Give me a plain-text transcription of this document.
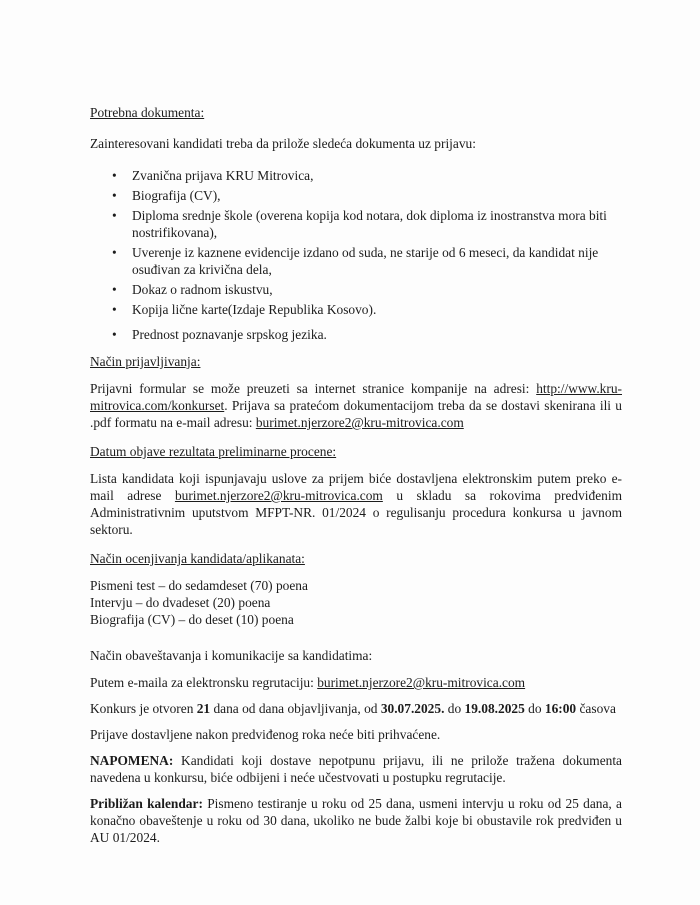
Potrebna dokumenta:

Zainteresovani kandidati treba da prilože sledeća dokumenta uz prijavu:

• Zvanična prijava KRU Mitrovica,
• Biografija (CV),
• Diploma srednje škole (overena kopija kod notara, dok diploma iz inostranstva mora biti nostrifikovana),
• Uverenje iz kaznene evidencije izdano od suda, ne starije od 6 meseci, da kandidat nije osuđivan za krivična dela,
• Dokaz o radnom iskustvu,
• Kopija lične karte(Izdaje Republika Kosovo).
• Prednost poznavanje srpskog jezika.

Način prijavljivanja:

Prijavni formular se može preuzeti sa internet stranice kompanije na adresi: http://www.kru-mitrovica.com/konkurset. Prijava sa pratećom dokumentacijom treba da se dostavi skenirana ili u .pdf formatu na e-mail adresu: burimet.njerzore2@kru-mitrovica.com

Datum objave rezultata preliminarne procene:

Lista kandidata koji ispunjavaju uslove za prijem biće dostavljena elektronskim putem preko e-mail adrese burimet.njerzore2@kru-mitrovica.com u skladu sa rokovima predviđenim Administrativnim uputstvom MFPT-NR. 01/2024 o regulisanju procedura konkursa u javnom sektoru.

Način ocenjivanja kandidata/aplikanata:

Pismeni test – do sedamdeset (70) poena

Intervju – do dvadeset (20) poena

Biografija (CV) – do deset (10) poena

Način obaveštavanja i komunikacije sa kandidatima:

Putem e-maila za elektronsku regrutaciju: burimet.njerzore2@kru-mitrovica.com

Konkurs je otvoren 21 dana od dana objavljivanja, od 30.07.2025. do 19.08.2025 do 16:00 časova

Prijave dostavljene nakon predviđenog roka neće biti prihvaćene.

NAPOMENA: Kandidati koji dostave nepotpunu prijavu, ili ne prilože tražena dokumenta navedena u konkursu, biće odbijeni i neće učestvovati u postupku regrutacije.

Približan kalendar: Pismeno testiranje u roku od 25 dana, usmeni intervju u roku od 25 dana, a konačno obaveštenje u roku od 30 dana, ukoliko ne bude žalbi koje bi obustavile rok predviđen u AU 01/2024.
